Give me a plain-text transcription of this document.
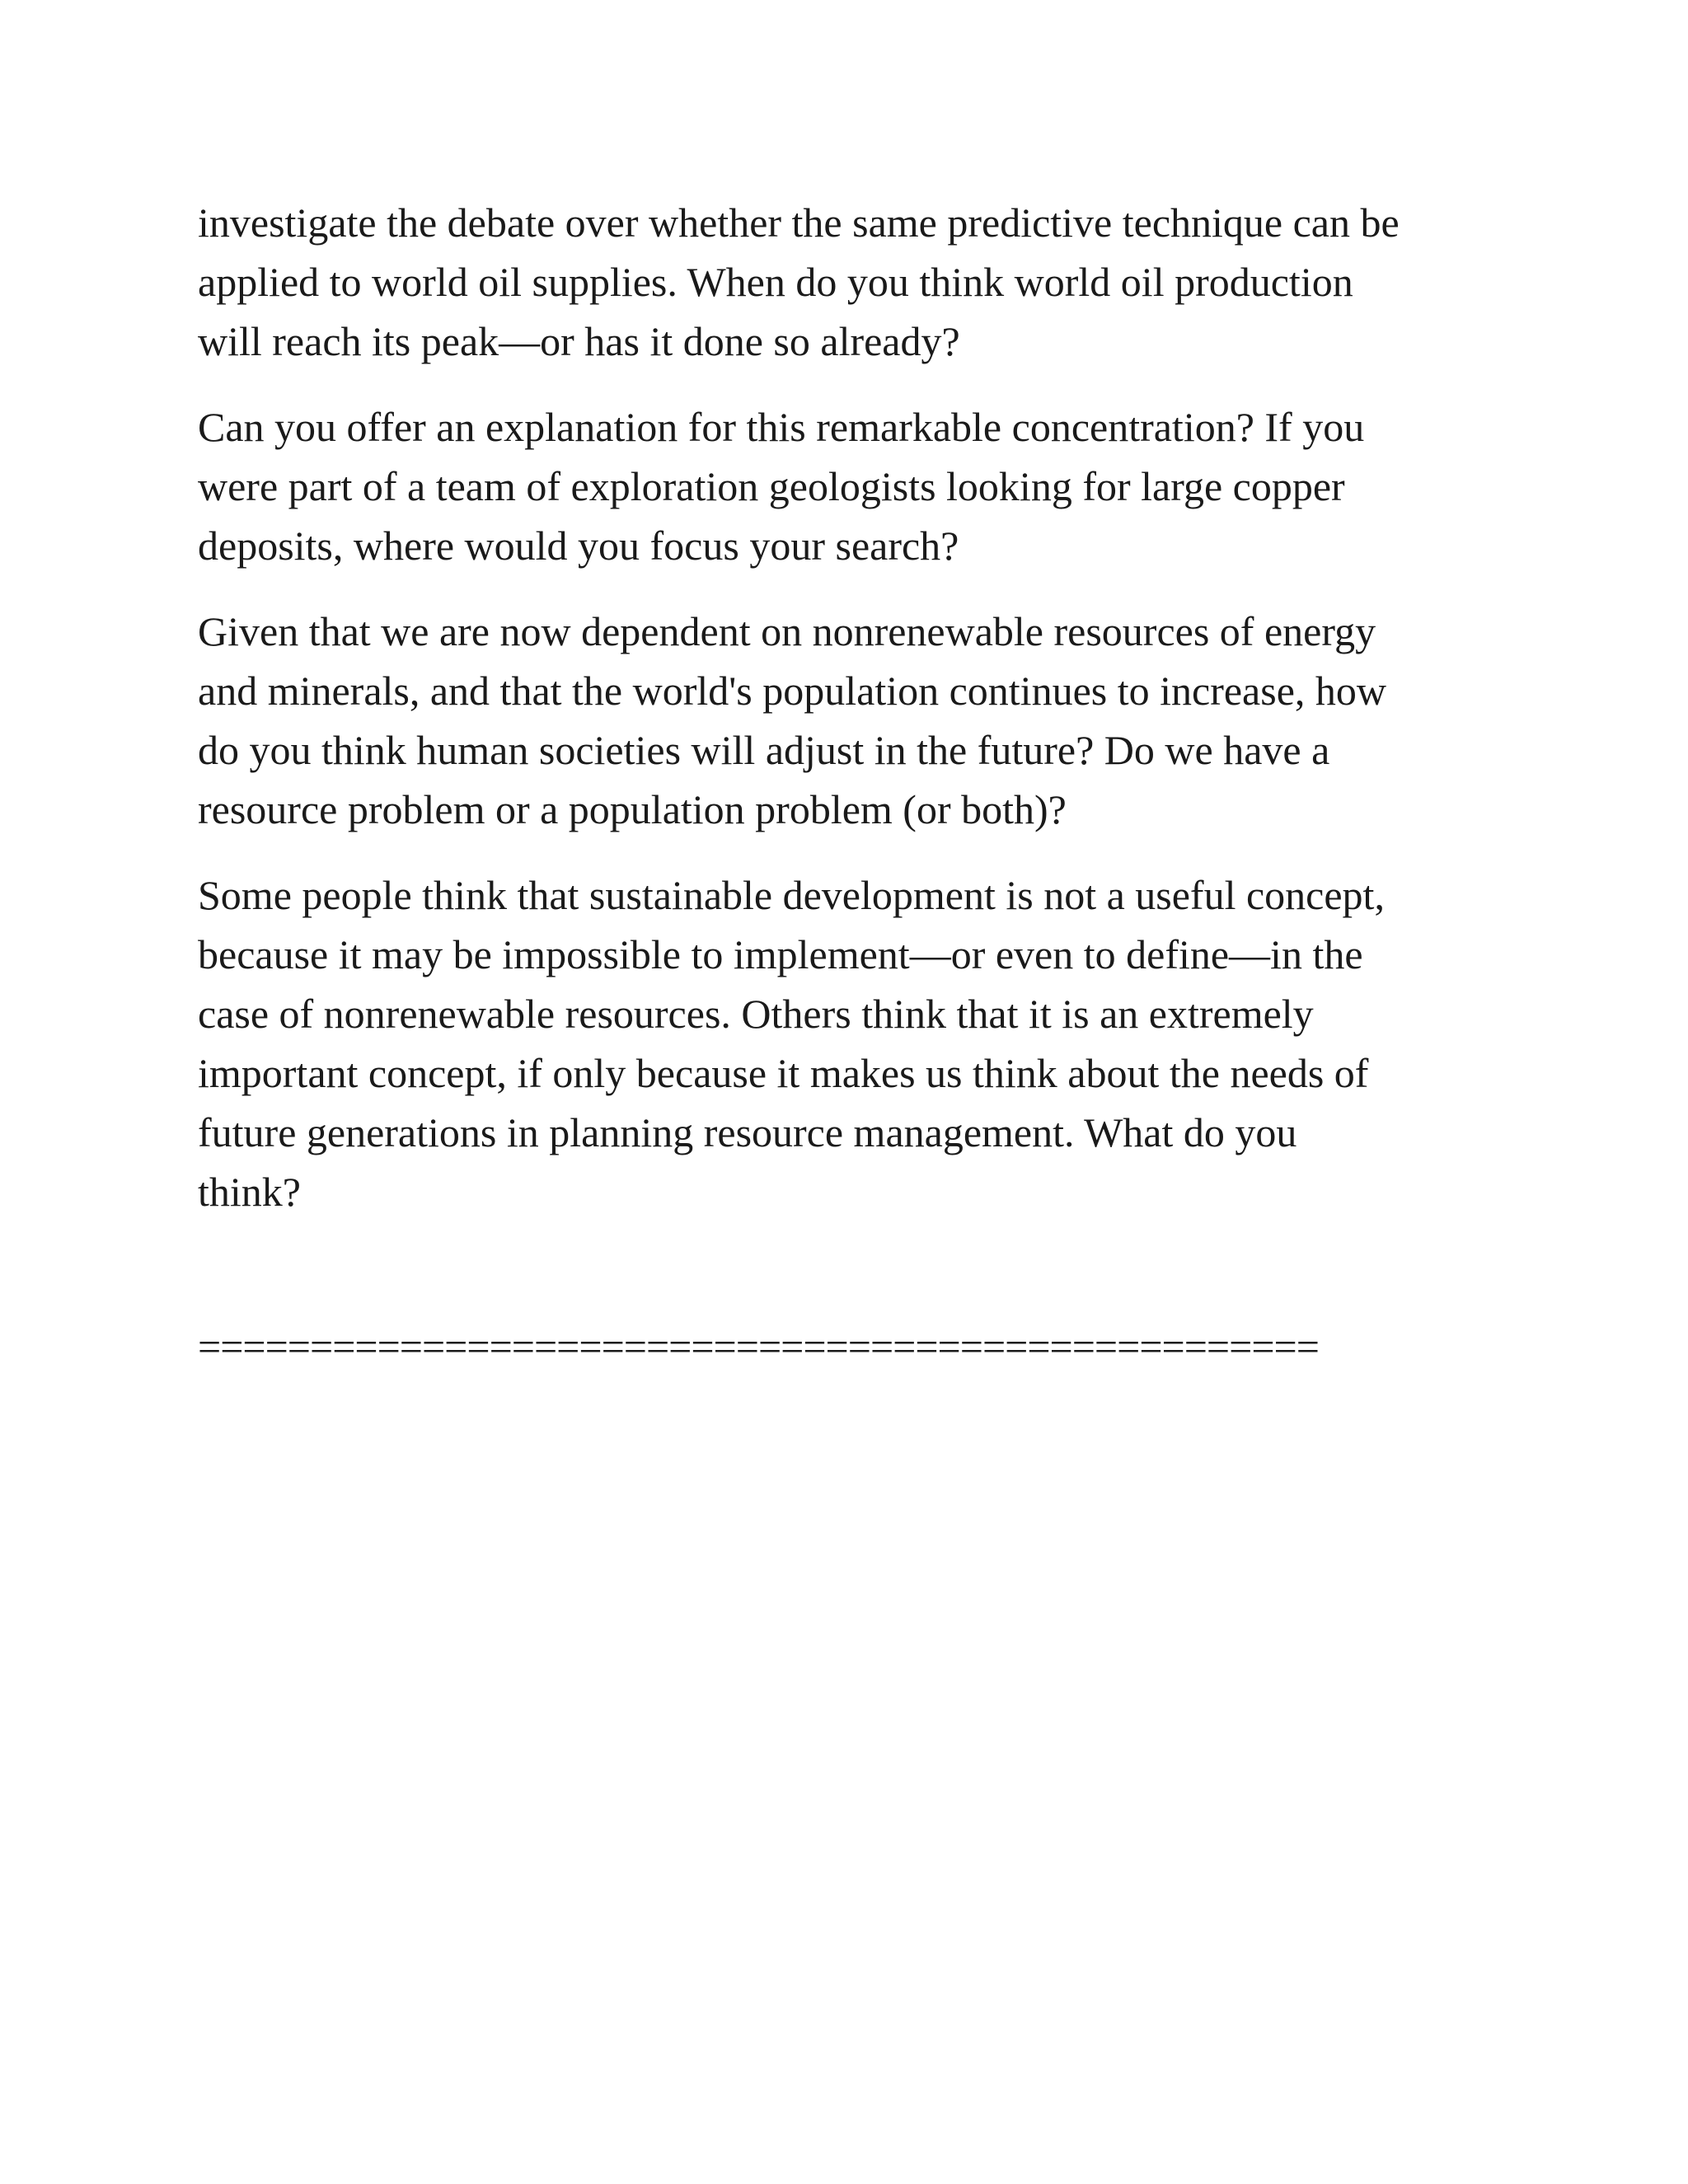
investigate the debate over whether the same predictive technique can be
applied to world oil supplies. When do you think world oil production
will reach its peak—or has it done so already?

Can you offer an explanation for this remarkable concentration? If you
were part of a team of exploration geologists looking for large copper
deposits, where would you focus your search?

Given that we are now dependent on nonrenewable resources of energy
and minerals, and that the world's population continues to increase, how
do you think human societies will adjust in the future? Do we have a
resource problem or a population problem (or both)?

Some people think that sustainable development is not a useful concept,
because it may be impossible to implement—or even to define—in the
case of nonrenewable resources. Others think that it is an extremely
important concept, if only because it makes us think about the needs of
future generations in planning resource management. What do you
think?

==================================================
